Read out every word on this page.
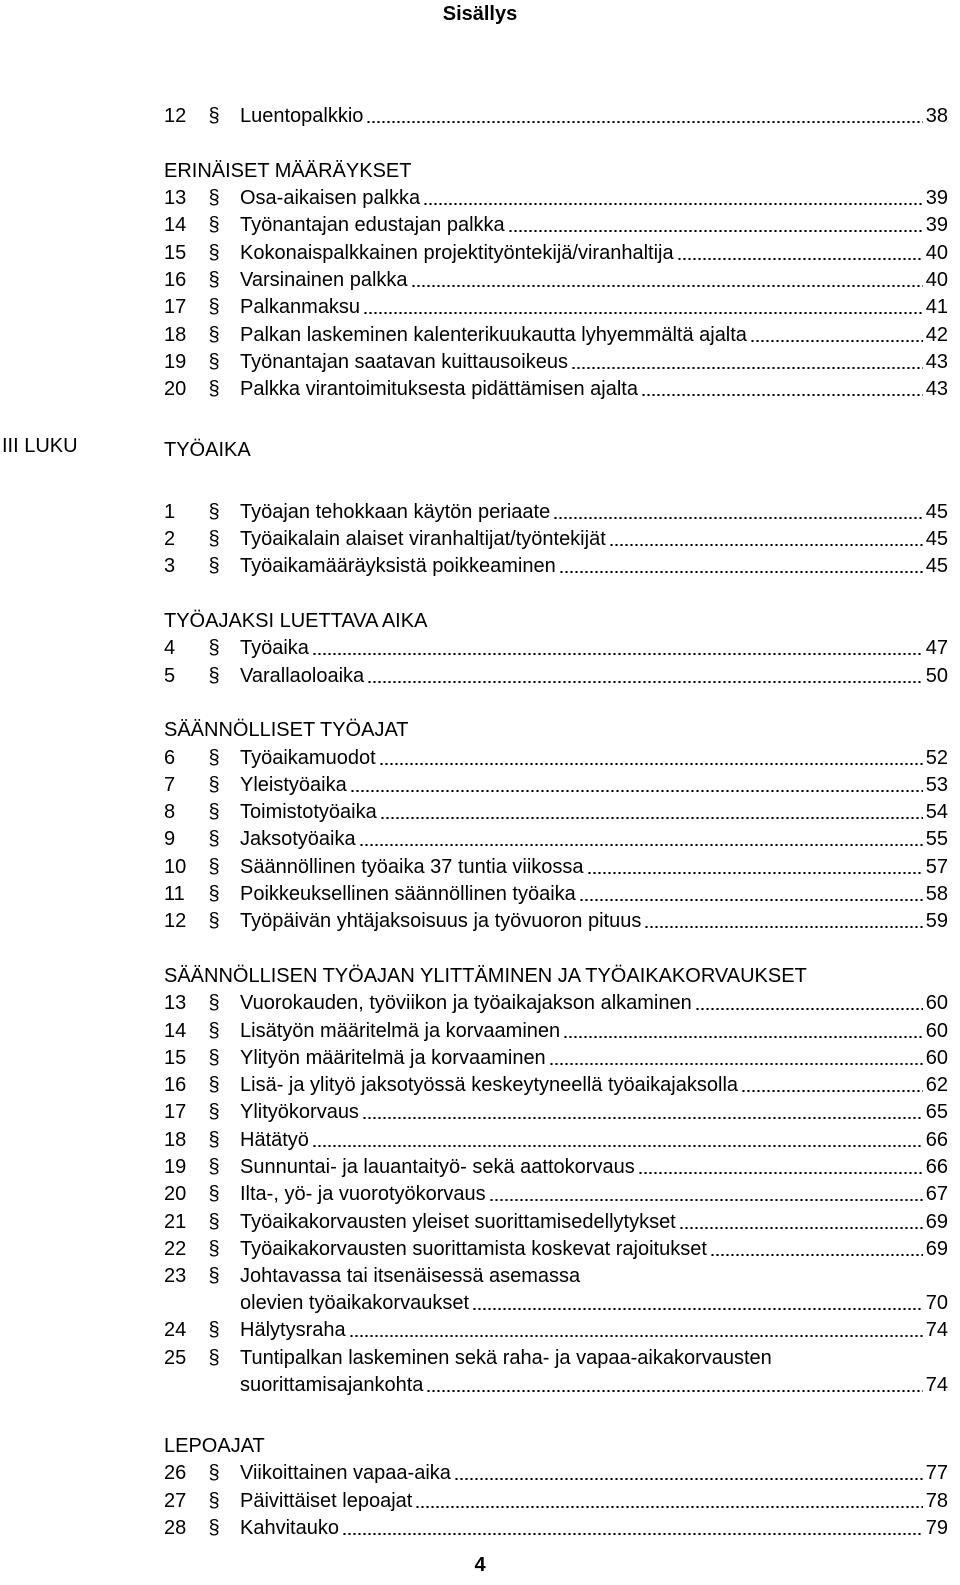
Sisällys
III LUKU
12	§	Luentopalkkio	38
ERINÄISET MÄÄRÄYKSET
13	§	Osa-aikaisen palkka	39
14	§	Työnantajan edustajan palkka	39
15	§	Kokonaispalkkainen projektityöntekijä/viranhaltija	40
16	§	Varsinainen palkka	40
17	§	Palkanmaksu	41
18	§	Palkan laskeminen kalenterikuukautta lyhyemmältä ajalta	42
19	§	Työnantajan saatavan kuittausoikeus	43
20	§	Palkka virantoimituksesta pidättämisen ajalta	43
TYÖAIKA
1	§	Työajan tehokkaan käytön periaate	45
2	§	Työaikalain alaiset viranhaltijat/työntekijät	45
3	§	Työaikamääräyksistä poikkeaminen	45
TYÖAJAKSI LUETTAVA AIKA
4	§	Työaika	47
5	§	Varallaoloaika	50
SÄÄNNÖLLISET TYÖAJAT
6	§	Työaikamuodot	52
7	§	Yleistyöaika	53
8	§	Toimistotyöaika	54
9	§	Jaksotyöaika	55
10	§	Säännöllinen työaika 37 tuntia viikossa	57
11	§	Poikkeuksellinen säännöllinen työaika	58
12	§	Työpäivän yhtäjaksoisuus ja työvuoron pituus	59
SÄÄNNÖLLISEN TYÖAJAN YLITTÄMINEN JA TYÖAIKAKORVAUKSET
13	§	Vuorokauden, työviikon ja työaikajakson alkaminen	60
14	§	Lisätyön määritelmä ja korvaaminen	60
15	§	Ylityön määritelmä ja korvaaminen	60
16	§	Lisä- ja ylityö jaksotyössä keskeytyneellä työaikajaksolla	62
17	§	Ylityökorvaus	65
18	§	Hätätyö	66
19	§	Sunnuntai- ja lauantaityö- sekä aattokorvaus	66
20	§	Ilta-, yö- ja vuorotyökorvaus	67
21	§	Työaikakorvausten yleiset suorittamisedellytykset	69
22	§	Työaikakorvausten suorittamista koskevat rajoitukset	69
23	§	Johtavassa tai itsenäisessä asemassa
olevien työaikakorvaukset	70
24	§	Hälytysraha	74
25	§	Tuntipalkan laskeminen sekä raha- ja vapaa-aikakorvausten
suorittamisajankohta	74
LEPOAJAT
26	§	Viikoittainen vapaa-aika	77
27	§	Päivittäiset lepoajat	78
28	§	Kahvitauko	79
4
